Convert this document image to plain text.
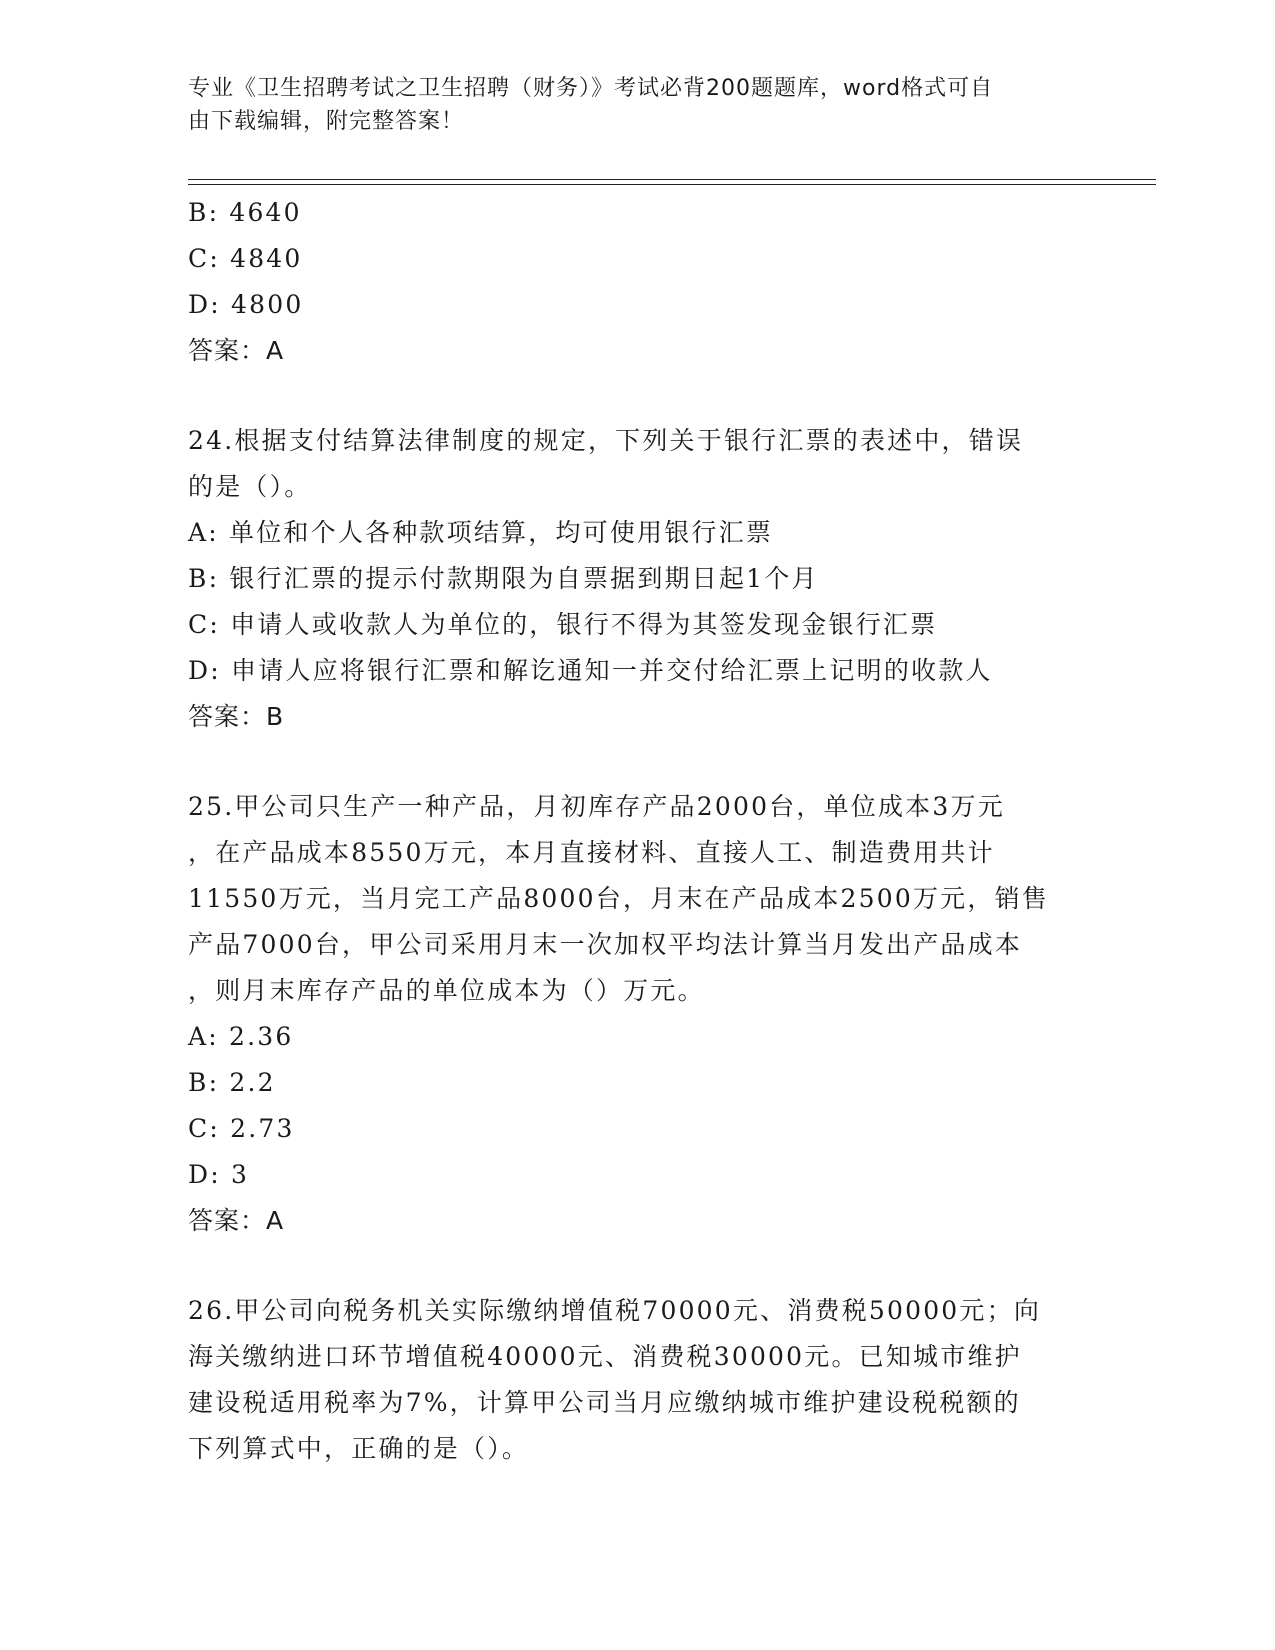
专业《卫生招聘考试之卫生招聘（财务）》考试必背200题题库，word格式可自
由下载编辑，附完整答案！
B: 4640
C: 4840
D: 4800
答案：A
24.根据支付结算法律制度的规定，下列关于银行汇票的表述中，错误
的是（）。
A: 单位和个人各种款项结算，均可使用银行汇票
B: 银行汇票的提示付款期限为自票据到期日起1个月
C: 申请人或收款人为单位的，银行不得为其签发现金银行汇票
D: 申请人应将银行汇票和解讫通知一并交付给汇票上记明的收款人
答案：B
25.甲公司只生产一种产品，月初库存产品2000台，单位成本3万元
，在产品成本8550万元，本月直接材料、直接人工、制造费用共计
11550万元，当月完工产品8000台，月末在产品成本2500万元，销售
产品7000台，甲公司采用月末一次加权平均法计算当月发出产品成本
，则月末库存产品的单位成本为（）万元。
A: 2.36
B: 2.2
C: 2.73
D: 3
答案：A
26.甲公司向税务机关实际缴纳增值税70000元、消费税50000元；向
海关缴纳进口环节增值税40000元、消费税30000元。已知城市维护
建设税适用税率为7%，计算甲公司当月应缴纳城市维护建设税税额的
下列算式中，正确的是（）。
